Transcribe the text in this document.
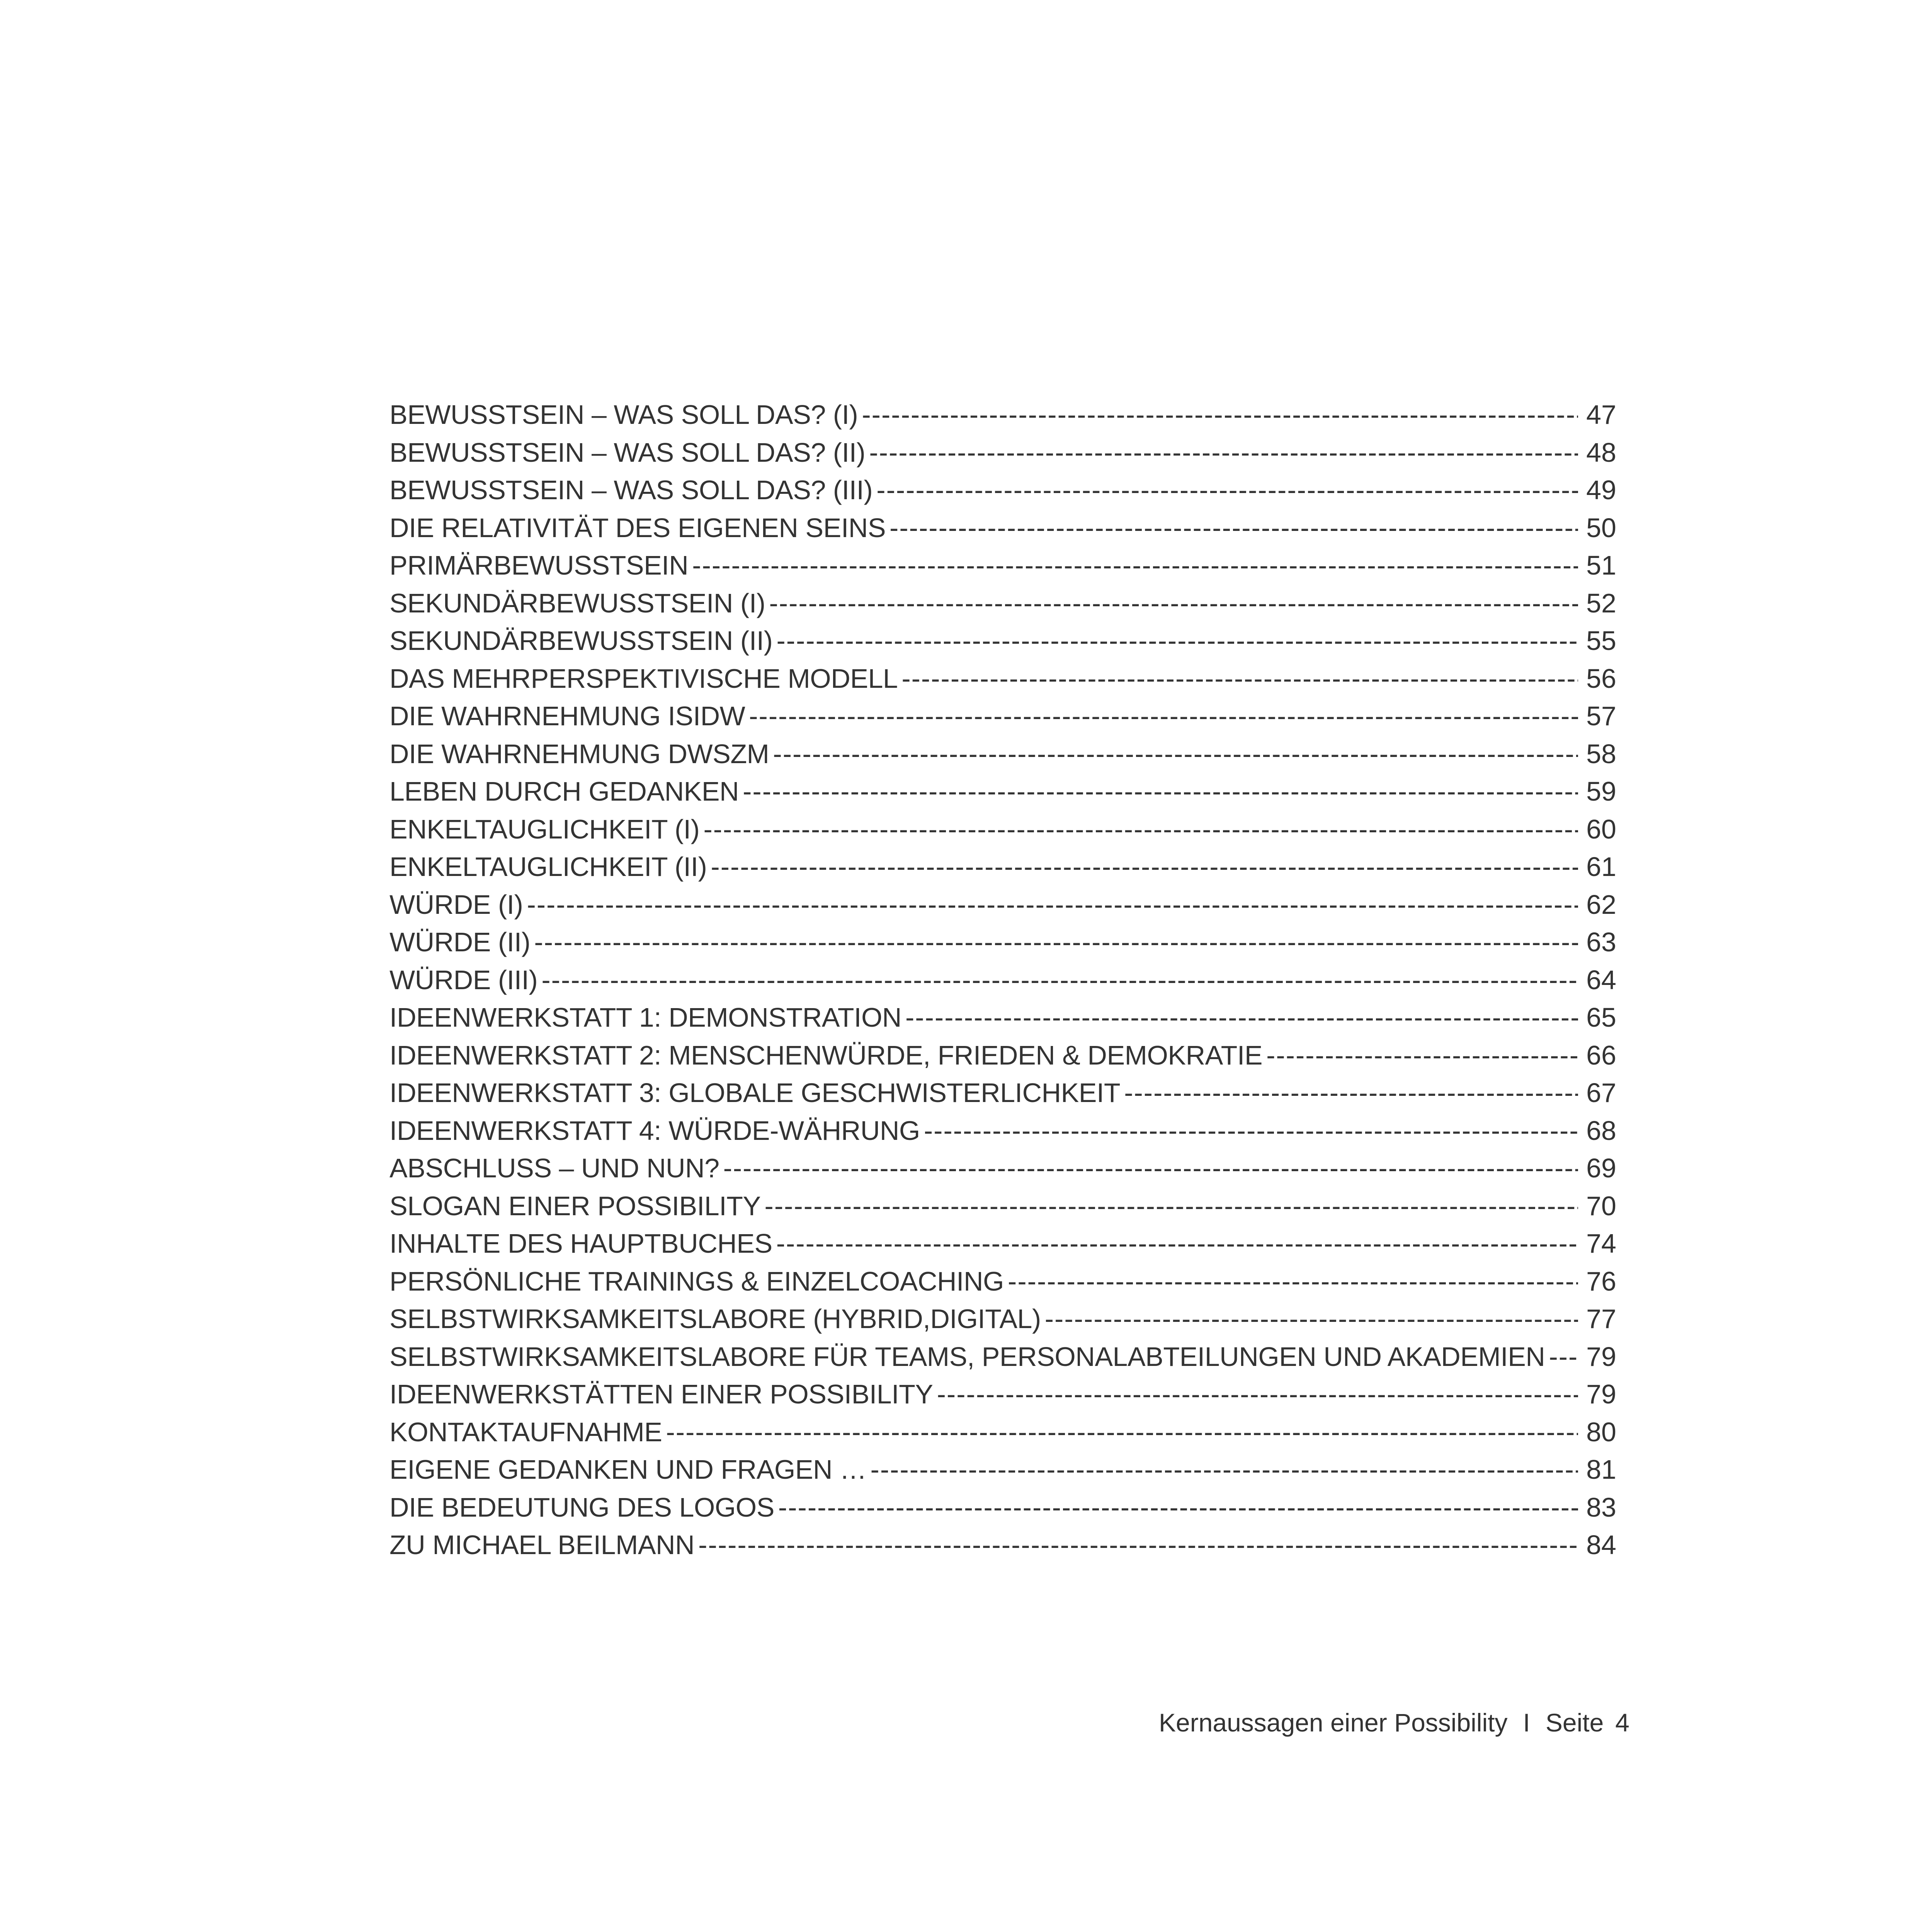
BEWUSSTSEIN – WAS SOLL DAS? (I) -----	47
BEWUSSTSEIN – WAS SOLL DAS? (II) -----	48
BEWUSSTSEIN – WAS SOLL DAS? (III) -----	49
DIE RELATIVITÄT DES EIGENEN SEINS -----	50
PRIMÄRBEWUSSTSEIN -----	51
SEKUNDÄRBEWUSSTSEIN (I) -----	52
SEKUNDÄRBEWUSSTSEIN (II) -----	55
DAS MEHRPERSPEKTIVISCHE MODELL -----	56
DIE WAHRNEHMUNG ISIDW -----	57
DIE WAHRNEHMUNG DWSZM -----	58
LEBEN DURCH GEDANKEN -----	59
ENKELTAUGLICHKEIT (I) -----	60
ENKELTAUGLICHKEIT (II) -----	61
WÜRDE (I) -----	62
WÜRDE (II) -----	63
WÜRDE (III) -----	64
IDEENWERKSTATT 1: DEMONSTRATION -----	65
IDEENWERKSTATT 2: MENSCHENWÜRDE, FRIEDEN & DEMOKRATIE -----	66
IDEENWERKSTATT 3: GLOBALE GESCHWISTERLICHKEIT -----	67
IDEENWERKSTATT 4: WÜRDE-WÄHRUNG -----	68
ABSCHLUSS – UND NUN? -----	69
SLOGAN EINER POSSIBILITY -----	70
INHALTE DES HAUPTBUCHES -----	74
PERSÖNLICHE TRAININGS & EINZELCOACHING -----	76
SELBSTWIRKSAMKEITSLABORE (HYBRID,DIGITAL) -----	77
SELBSTWIRKSAMKEITSLABORE FÜR TEAMS, PERSONALABTEILUNGEN UND AKADEMIEN -----	79
IDEENWERKSTÄTTEN EINER POSSIBILITY -----	79
KONTAKTAUFNAHME -----	80
EIGENE GEDANKEN UND FRAGEN … -----	81
DIE BEDEUTUNG DES LOGOS -----	83
ZU MICHAEL BEILMANN -----	84
Kernaussagen einer Possibility I Seite 4
